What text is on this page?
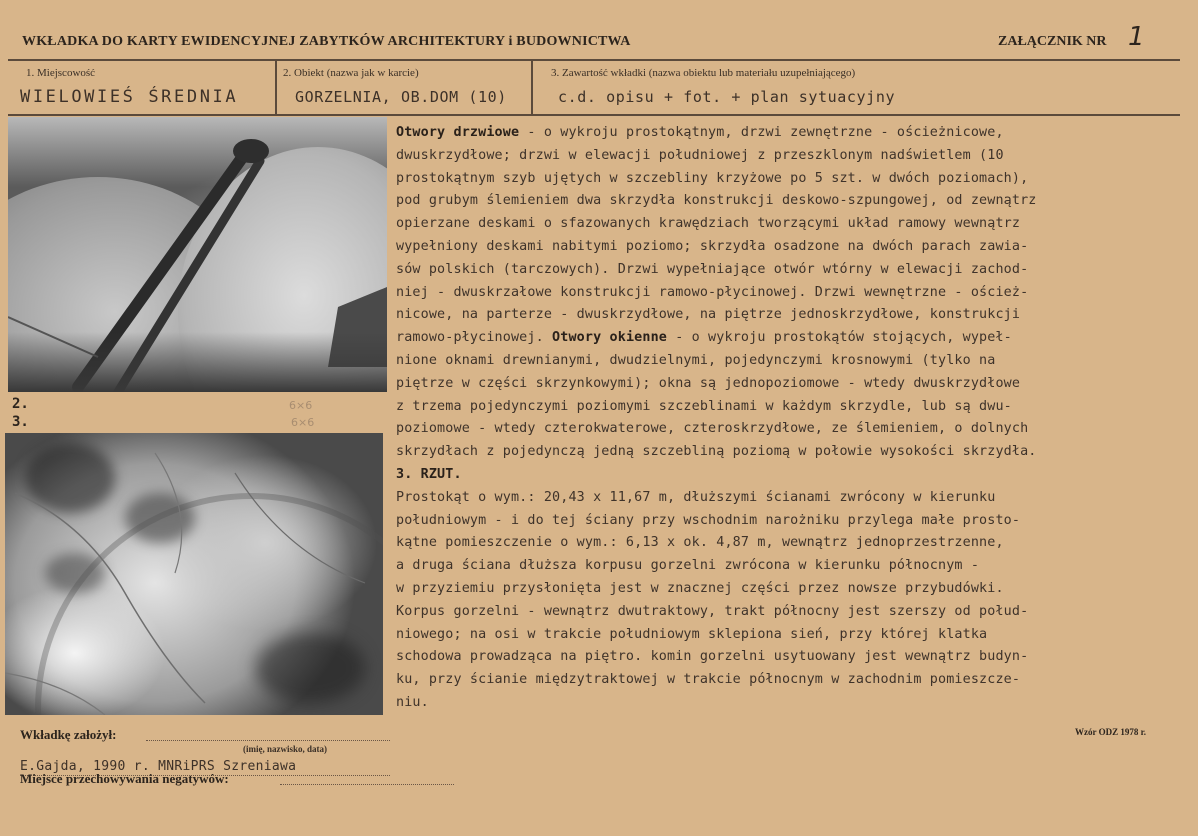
WKŁADKA DO KARTY EWIDENCYJNEJ ZABYTKÓW ARCHITEKTURY i BUDOWNICTWA	ZAŁĄCZNIK NR 1
1. Miejscowość
WIELOWIEŚ ŚREDNIA
2. Obiekt (nazwa jak w karcie)
GORZELNIA, OB.DOM (10)
3. Zawartość wkładki (nazwa obiektu lub materiału uzupełniającego)
c.d. opisu + fot. + plan sytuacyjny
2.	6×6
3.	6×6
Otwory drzwiowe - o wykroju prostokątnym, drzwi zewnętrzne - ościeżnicowe,
dwuskrzydłowe; drzwi w elewacji południowej z przeszklonym nadświetlem (10
prostokątnym szyb ujętych w szczebliny krzyżowe po 5 szt. w dwóch poziomach),
pod grubym ślemieniem dwa skrzydła konstrukcji deskowo-szpungowej, od zewnątrz
opierzane deskami o sfazowanych krawędziach tworzącymi układ ramowy wewnątrz
wypełniony deskami nabitymi poziomo; skrzydła osadzone na dwóch parach zawia-
sów polskich (tarczowych). Drzwi wypełniające otwór wtórny w elewacji zachod-
niej - dwuskrzałowe konstrukcji ramowo-płycinowej. Drzwi wewnętrzne - oścież-
nicowe, na parterze - dwuskrzydłowe, na piętrze jednoskrzydłowe, konstrukcji
ramowo-płycinowej. Otwory okienne - o wykroju prostokątów stojących, wypeł-
nione oknami drewnianymi, dwudzielnymi, pojedynczymi krosnowymi (tylko na
piętrze w części skrzynkowymi); okna są jednopoziomowe - wtedy dwuskrzydłowe
z trzema pojedynczymi poziomymi szczeblinami w każdym skrzydle, lub są dwu-
poziomowe - wtedy czterokwaterowe, czteroskrzydłowe, ze ślemieniem, o dolnych
skrzydłach z pojedynczą jedną szczebliną poziomą w połowie wysokości skrzydła.
3. RZUT.
Prostokąt o wym.: 20,43 x 11,67 m, dłuższymi ścianami zwrócony w kierunku
południowym - i do tej ściany przy wschodnim narożniku przylega małe prosto-
kątne pomieszczenie o wym.: 6,13 x ok. 4,87 m, wewnątrz jednoprzestrzenne,
a druga ściana dłuższa korpusu gorzelni zwrócona w kierunku północnym -
w przyziemiu przysłonięta jest w znacznej części przez nowsze przybudówki.
Korpus gorzelni - wewnątrz dwutraktowy, trakt północny jest szerszy od połud-
niowego; na osi w trakcie południowym sklepiona sień, przy której klatka
schodowa prowadząca na piętro. komin gorzelni usytuowany jest wewnątrz budyn-
ku, przy ścianie międzytraktowej w trakcie północnym w zachodnim pomieszcze-
niu.
Wkładkę założył:
(imię, nazwisko, data)
E.Gajda, 1990 r. MNRiPRS Szreniawa
Miejsce przechowywania negatywów:
Wzór ODZ 1978 r.
